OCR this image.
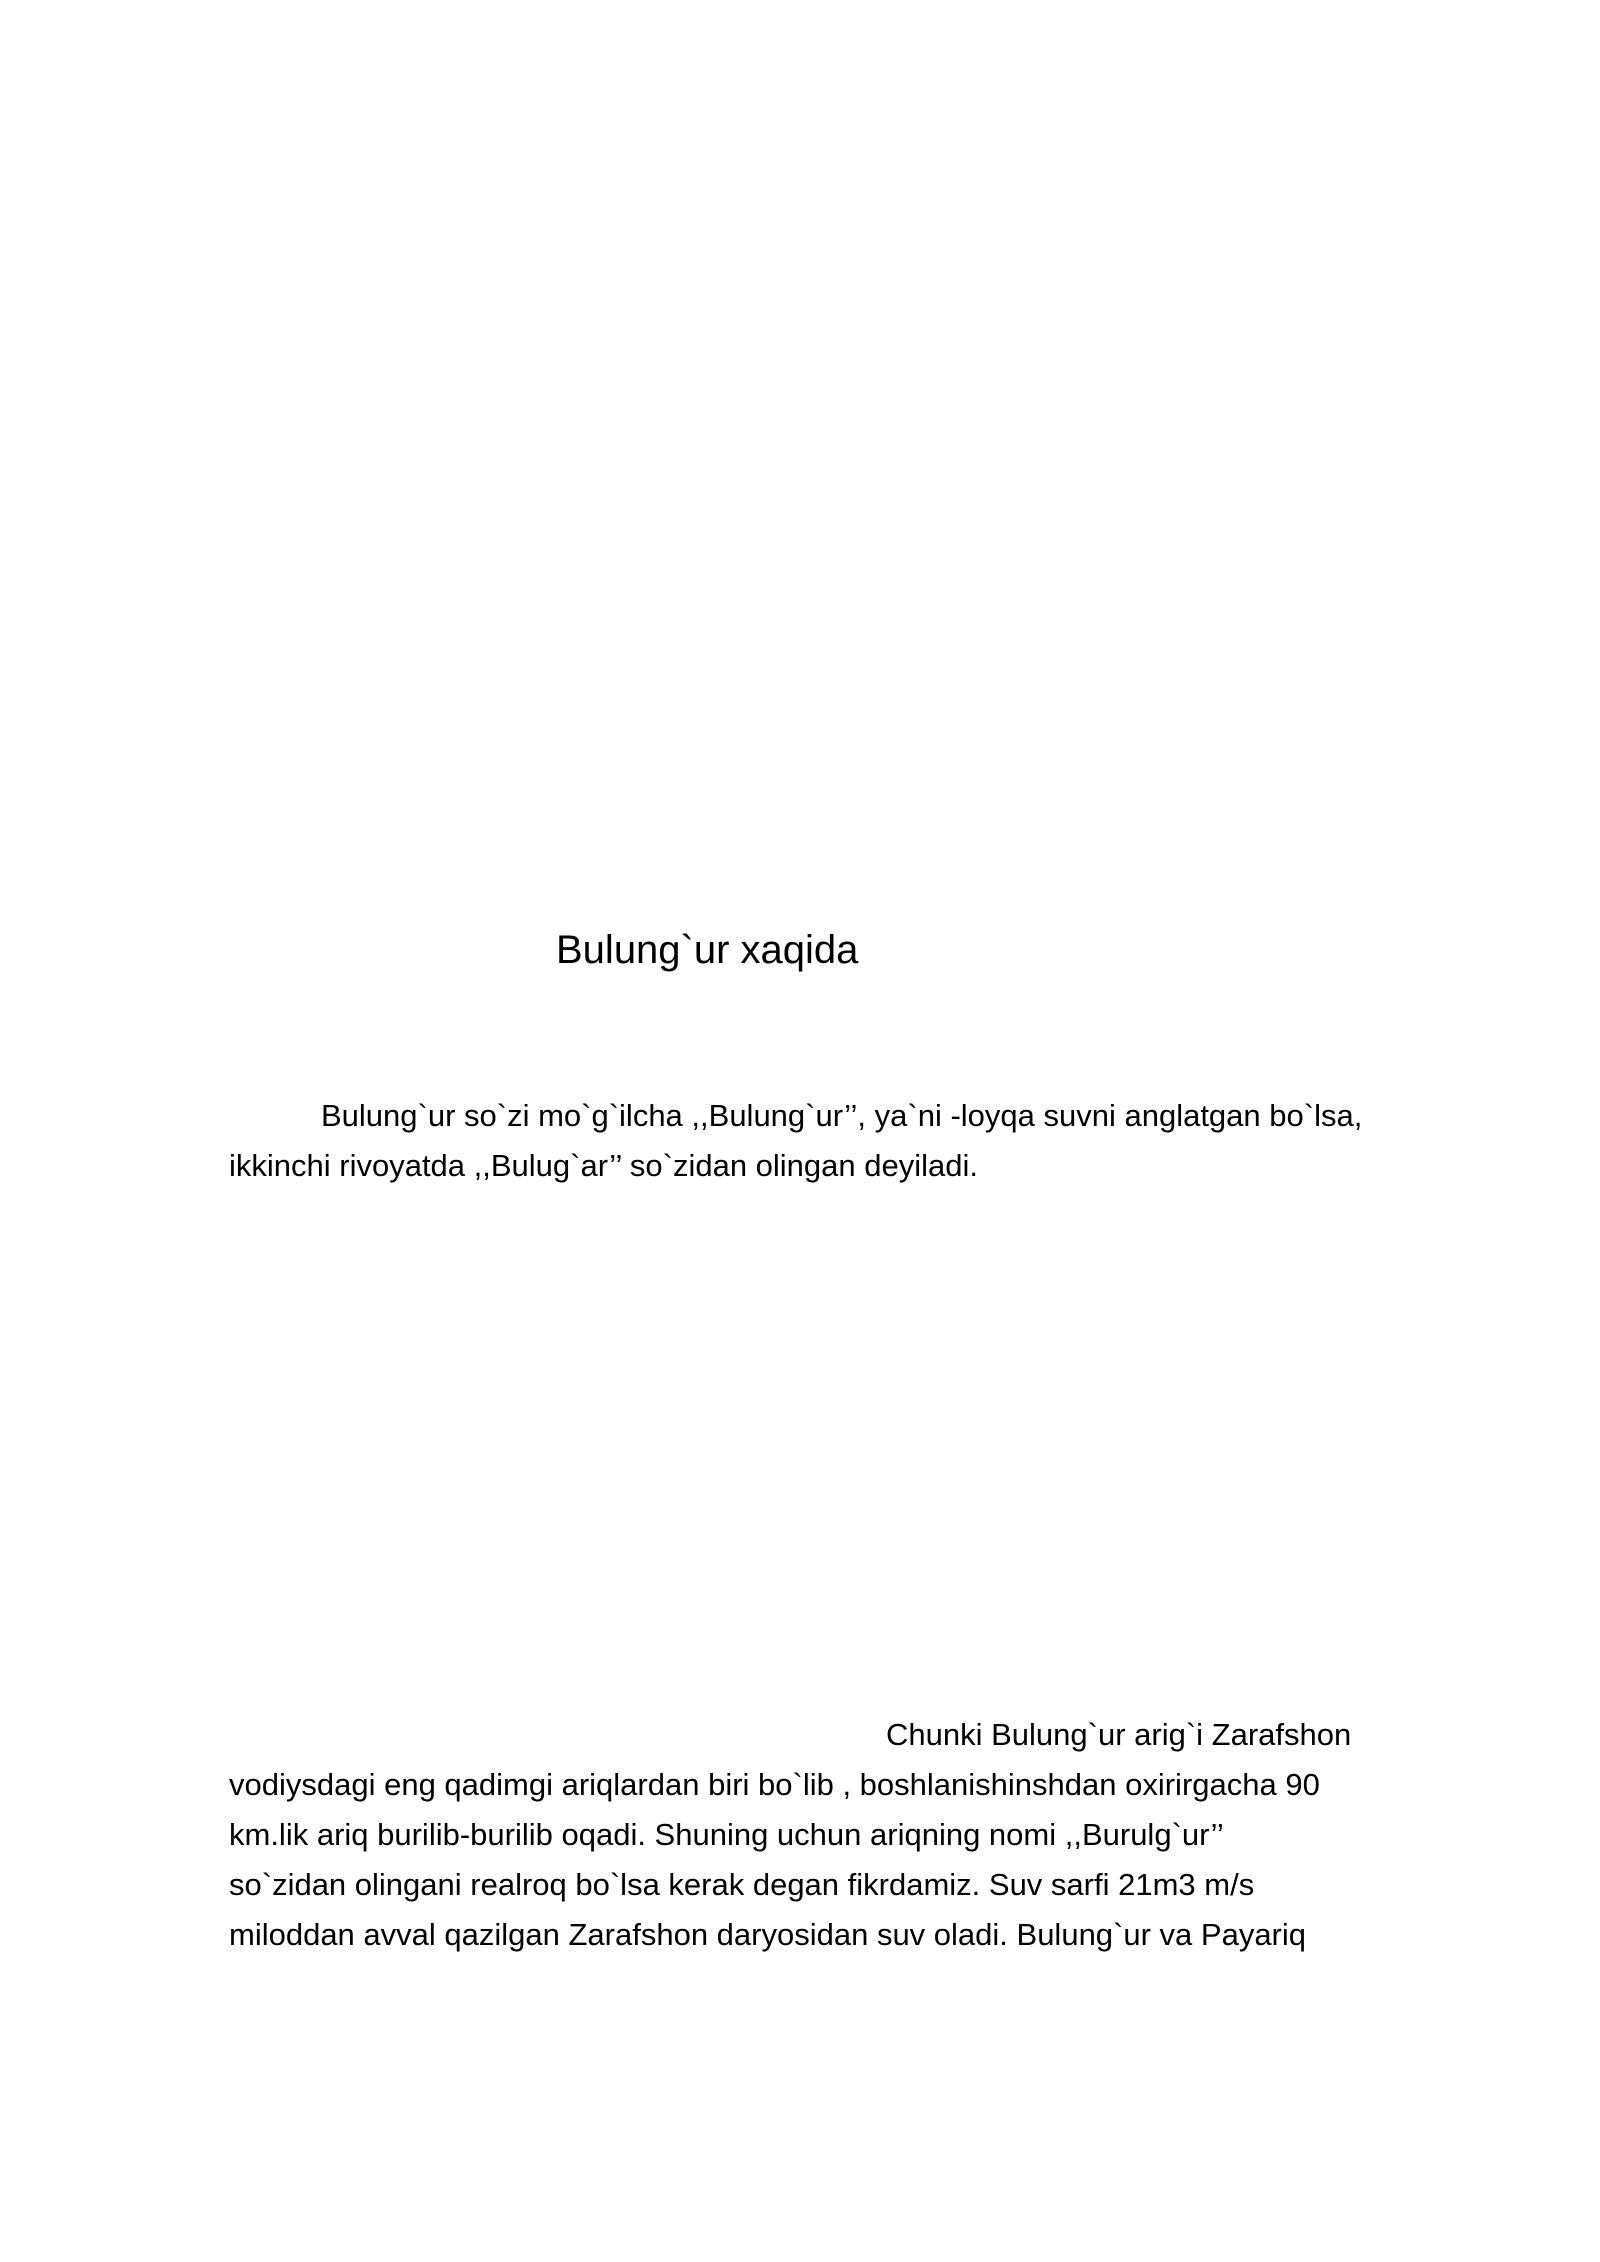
Bulung`ur xaqida

Bulung`ur so`zi mo`g`ilcha ,,Bulung`ur’’, ya`ni -loyqa suvni anglatgan bo`lsa,
ikkinchi rivoyatda ,,Bulug`ar’’ so`zidan olingan deyiladi.

Chunki Bulung`ur arig`i Zarafshon
vodiysdagi eng qadimgi ariqlardan biri bo`lib , boshlanishinshdan oxirirgacha 90
km.lik ariq burilib-burilib oqadi. Shuning uchun ariqning nomi ,,Burulg`ur’’
so`zidan olingani realroq bo`lsa kerak degan fikrdamiz. Suv sarfi 21m3 m/s
miloddan avval qazilgan Zarafshon daryosidan suv oladi. Bulung`ur va Payariq
